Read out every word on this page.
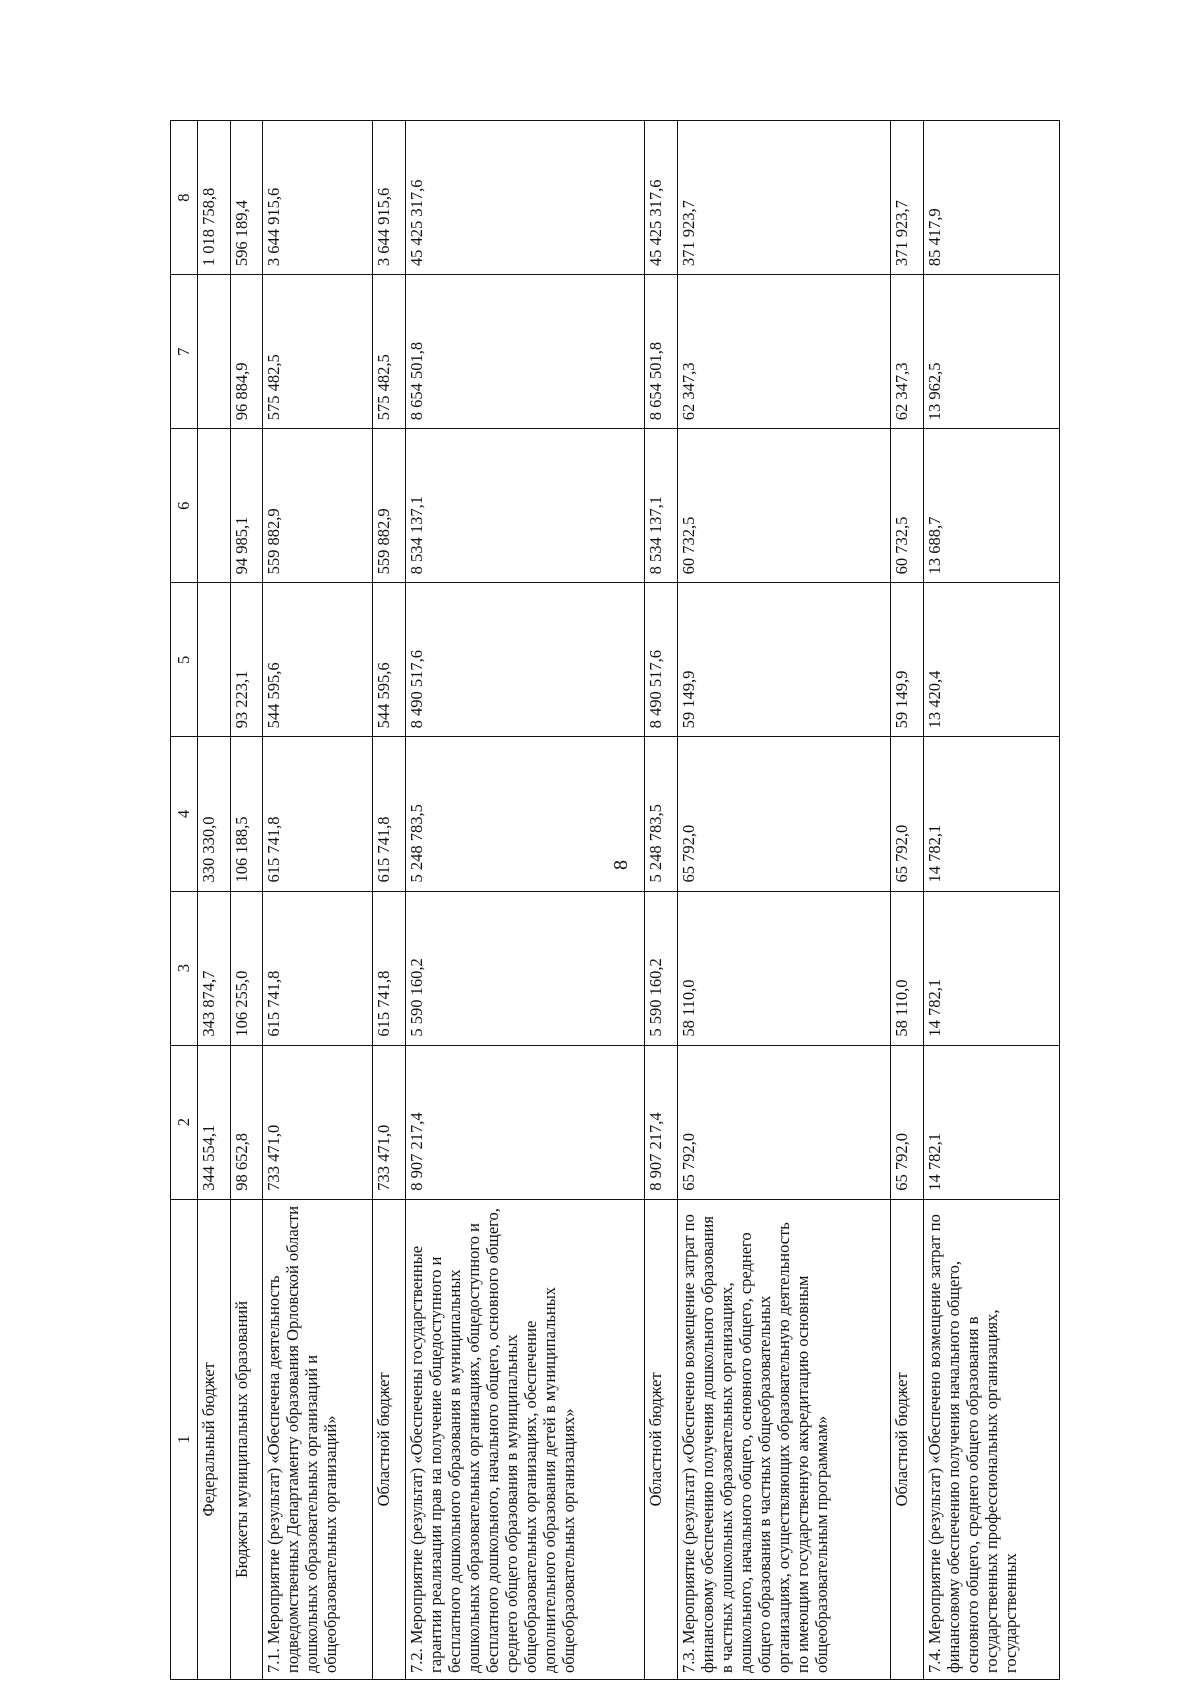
8
1	2	3	4	5	6	7	8
Федеральный бюджет	344 554,1	343 874,7	330 330,0				1 018 758,8
Бюджеты муниципальных образований	98 652,8	106 255,0	106 188,5	93 223,1	94 985,1	96 884,9	596 189,4
7.1. Мероприятие (результат) «Обеспечена деятельность подведомственных Департаменту образования Орловской области дошкольных образовательных организаций и общеобразовательных организаций»	733 471,0	615 741,8	615 741,8	544 595,6	559 882,9	575 482,5	3 644 915,6
Областной бюджет	733 471,0	615 741,8	615 741,8	544 595,6	559 882,9	575 482,5	3 644 915,6
7.2. Мероприятие (результат) «Обеспечены государственные гарантии реализации прав на получение общедоступного и бесплатного дошкольного образования в муниципальных дошкольных образовательных организациях, общедоступного и бесплатного дошкольного, начального общего, основного общего, среднего общего образования в муниципальных общеобразовательных организациях, обеспечение дополнительного образования детей в муниципальных общеобразовательных организациях»	8 907 217,4	5 590 160,2	5 248 783,5	8 490 517,6	8 534 137,1	8 654 501,8	45 425 317,6
Областной бюджет	8 907 217,4	5 590 160,2	5 248 783,5	8 490 517,6	8 534 137,1	8 654 501,8	45 425 317,6
7.3. Мероприятие (результат) «Обеспечено возмещение затрат по финансовому обеспечению получения дошкольного образования в частных дошкольных образовательных организациях, дошкольного, начального общего, основного общего, среднего общего образования в частных общеобразовательных организациях, осуществляющих образовательную деятельность по имеющим государственную аккредитацию основным общеобразовательным программам»	65 792,0	58 110,0	65 792,0	59 149,9	60 732,5	62 347,3	371 923,7
Областной бюджет	65 792,0	58 110,0	65 792,0	59 149,9	60 732,5	62 347,3	371 923,7
7.4. Мероприятие (результат) «Обеспечено возмещение затрат по финансовому обеспечению получения начального общего, основного общего, среднего общего образования в государственных профессиональных организациях, государственных	14 782,1	14 782,1	14 782,1	13 420,4	13 688,7	13 962,5	85 417,9
